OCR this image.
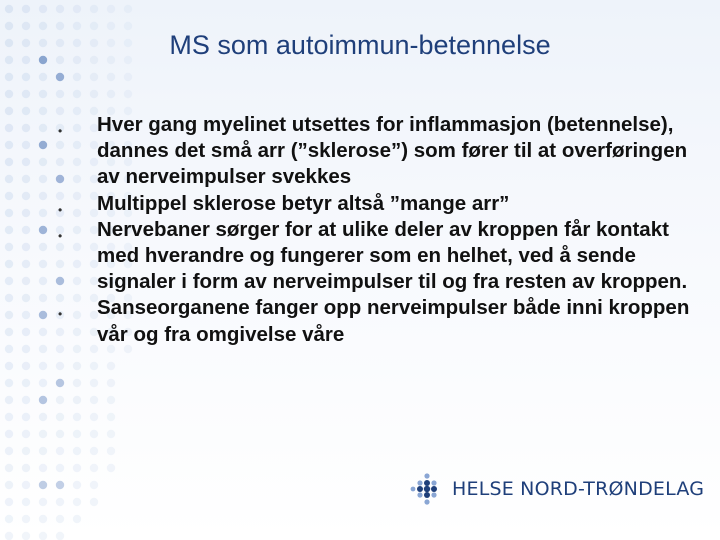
MS som autoimmun-betennelse
• Hver gang myelinet utsettes for inflammasjon (betennelse), dannes det små arr (”sklerose”) som fører til at overføringen av nerveimpulser svekkes
• Multippel sklerose betyr altså ”mange arr”
• Nervebaner sørger for at ulike deler av kroppen får kontakt med hverandre og fungerer som en helhet, ved å sende signaler i form av nerveimpulser til og fra resten av kroppen.
• Sanseorganene fanger opp nerveimpulser både inni kroppen vår og fra omgivelse våre
HELSE NORD-TRØNDELAG
